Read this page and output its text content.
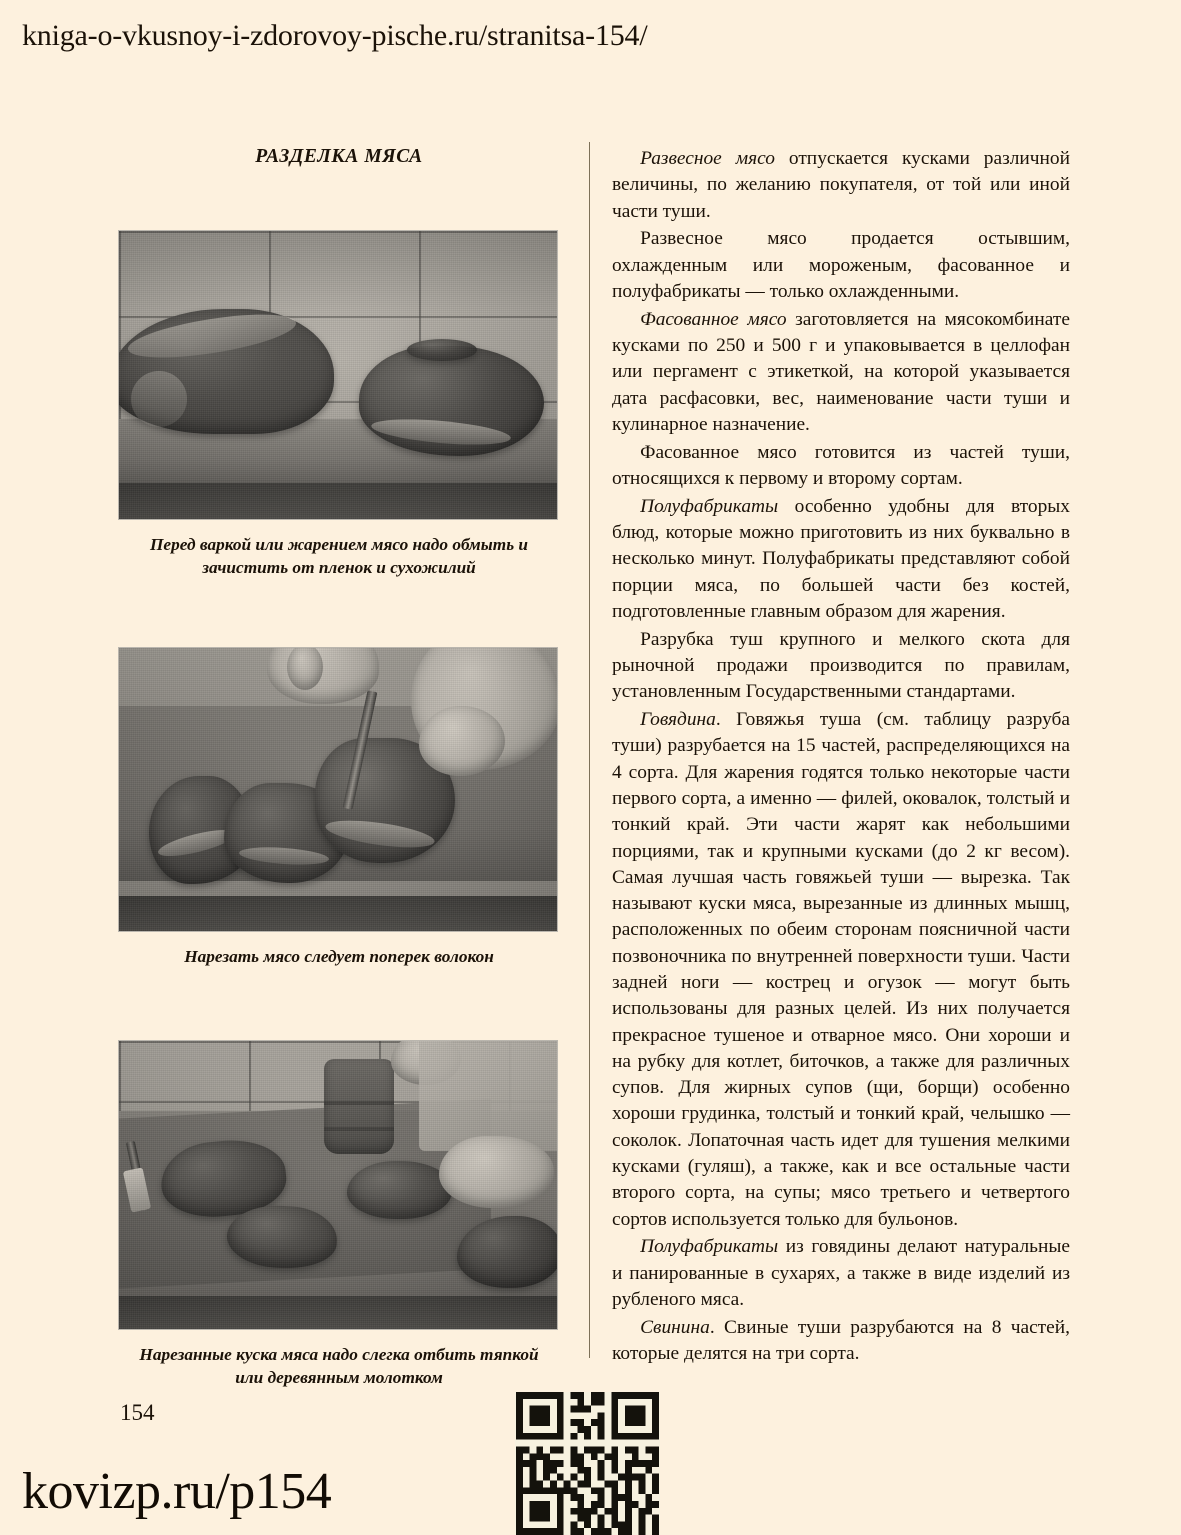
kniga-o-vkusnoy-i-zdorovoy-pische.ru/stranitsa-154/
РАЗДЕЛКА МЯСА
Перед варкой или жарением мясо надо обмыть и зачистить от пленок и сухожилий
Нарезать мясо следует поперек волокон
Нарезанные куска мяса надо слегка отбить тяпкой или деревянным молотком

Развесное мясо отпускается кусками различной величины, по желанию покупателя, от той или иной части туши.

Развесное мясо продается остывшим, охлажденным или мороженым, фасованное и полуфабрикаты — только охлажденными.

Фасованное мясо заготовляется на мясокомбинате кусками по 250 и 500 г и упаковывается в целлофан или пергамент с этикеткой, на которой указывается дата расфасовки, вес, наименование части туши и кулинарное назначение.

Фасованное мясо готовится из частей туши, относящихся к первому и второму сортам.

Полуфабрикаты особенно удобны для вторых блюд, которые можно приготовить из них буквально в несколько минут. Полуфабрикаты представляют собой порции мяса, по большей части без костей, подготовленные главным образом для жарения.

Разрубка туш крупного и мелкого скота для рыночной продажи производится по правилам, установленным Государственными стандартами.

Говядина. Говяжья туша (см. таблицу разруба туши) разрубается на 15 частей, распределяющихся на 4 сорта. Для жарения годятся только некоторые части первого сорта, а именно — филей, оковалок, толстый и тонкий край. Эти части жарят как небольшими порциями, так и крупными кусками (до 2 кг весом). Самая лучшая часть говяжьей туши — вырезка. Так называют куски мяса, вырезанные из длинных мышц, расположенных по обеим сторонам поясничной части позвоночника по внутренней поверхности туши. Части задней ноги — кострец и огузок — могут быть использованы для разных целей. Из них получается прекрасное тушеное и отварное мясо. Они хороши и на рубку для котлет, биточков, а также для различных супов. Для жирных супов (щи, борщи) особенно хороши грудинка, толстый и тонкий край, челышко — соколок. Лопаточная часть идет для тушения мелкими кусками (гуляш), а также, как и все остальные части второго сорта, на супы; мясо третьего и четвертого сортов используется только для бульонов.

Полуфабрикаты из говядины делают натуральные и панированные в сухарях, а также в виде изделий из рубленого мяса.

Свинина. Свиные туши разрубаются на 8 частей, которые делятся на три сорта.

154
kovizp.ru/p154
